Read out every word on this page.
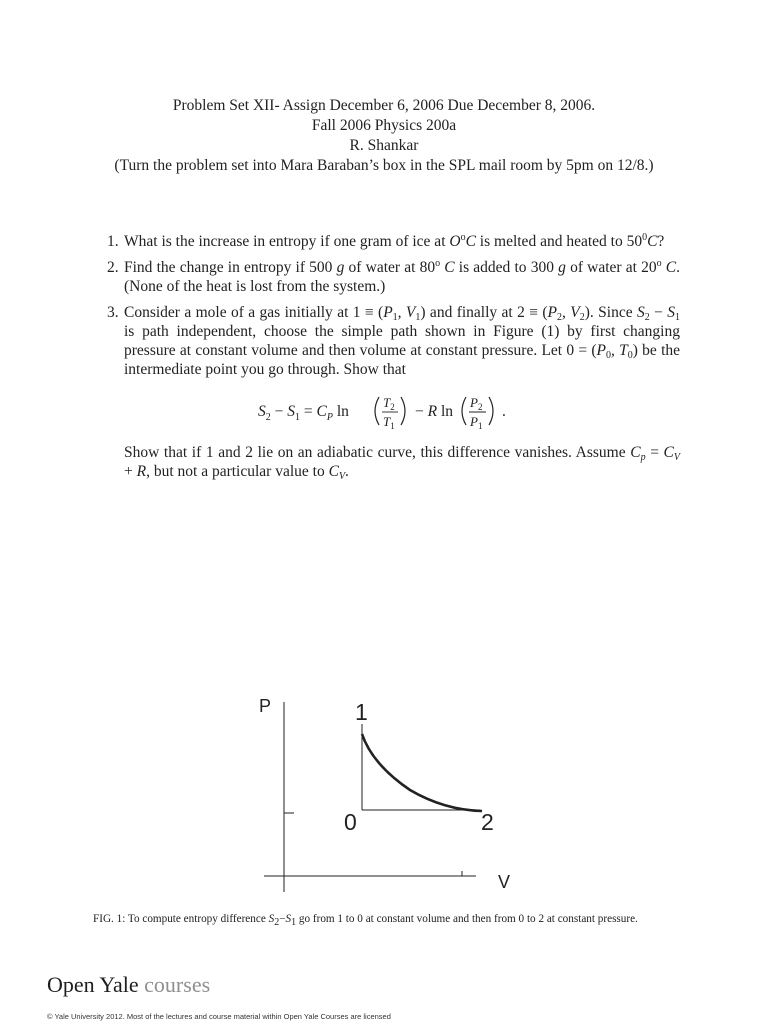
Problem Set XII- Assign December 6, 2006 Due December 8, 2006.
Fall 2006 Physics 200a
R. Shankar
(Turn the problem set into Mara Baraban’s box in the SPL mail room by 5pm on 12/8.)
1. What is the increase in entropy if one gram of ice at $O^oC$ is melted and heated to $50^0C$?

2. Find the change in entropy if 500 g of water at 80$^o$ C is added to 300 g of water at 20$^o$ C. (None of the heat is lost from the system.)

3. Consider a mole of a gas initially at $1 \equiv (P_1$, $V_1$) and finally at $2 \equiv (P_2$, $V_2$). Since $S_2 - S_1$ is path independent, choose the simple path shown in Figure (1) by first changing pressure at constant volume and then volume at constant pressure. Let $0 = (P_0$, $T_0$) be the intermediate point you go through. Show that

$S_2 - S_1 = C_P$ ln
$T_2$
$T_1$
− R ln
$P_2$
$P_1$
.

Show that if 1 and 2 lie on an adiabatic curve, this difference vanishes. Assume $C_p = C_V + R$, but not a particular value to $C_V$.

P
V
1
0	2
FIG. 1: To compute entropy difference $S_2-S_1$ go from 1 to 0 at constant volume and then from 0 to 2 at constant pressure.
Open Yale courses
© Yale University 2012. Most of the lectures and course material within Open Yale Courses are licensed
